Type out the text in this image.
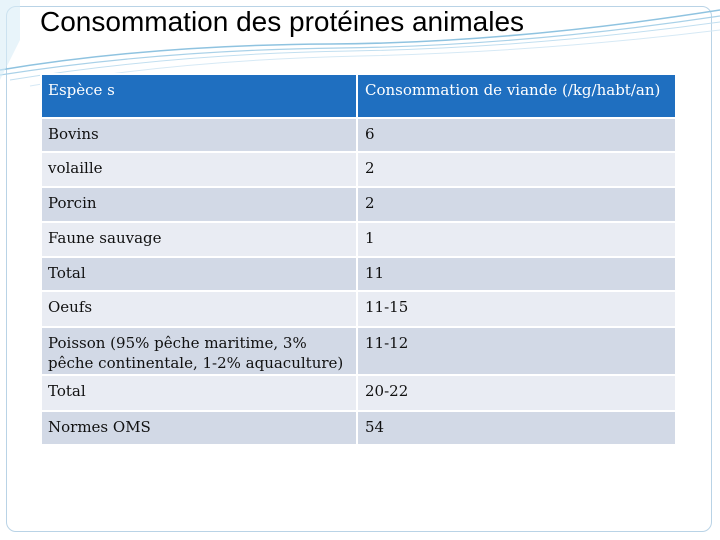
Consommation des protéines animales
Espèce s	Consommation de viande (/kg/habt/an)
Bovins	6
volaille	2
Porcin	2
Faune sauvage	1
Total	11
Oeufs	11-15
Poisson (95% pêche maritime, 3% pêche continentale, 1-2% aquaculture)	11-12
Total	20-22
Normes OMS	54
